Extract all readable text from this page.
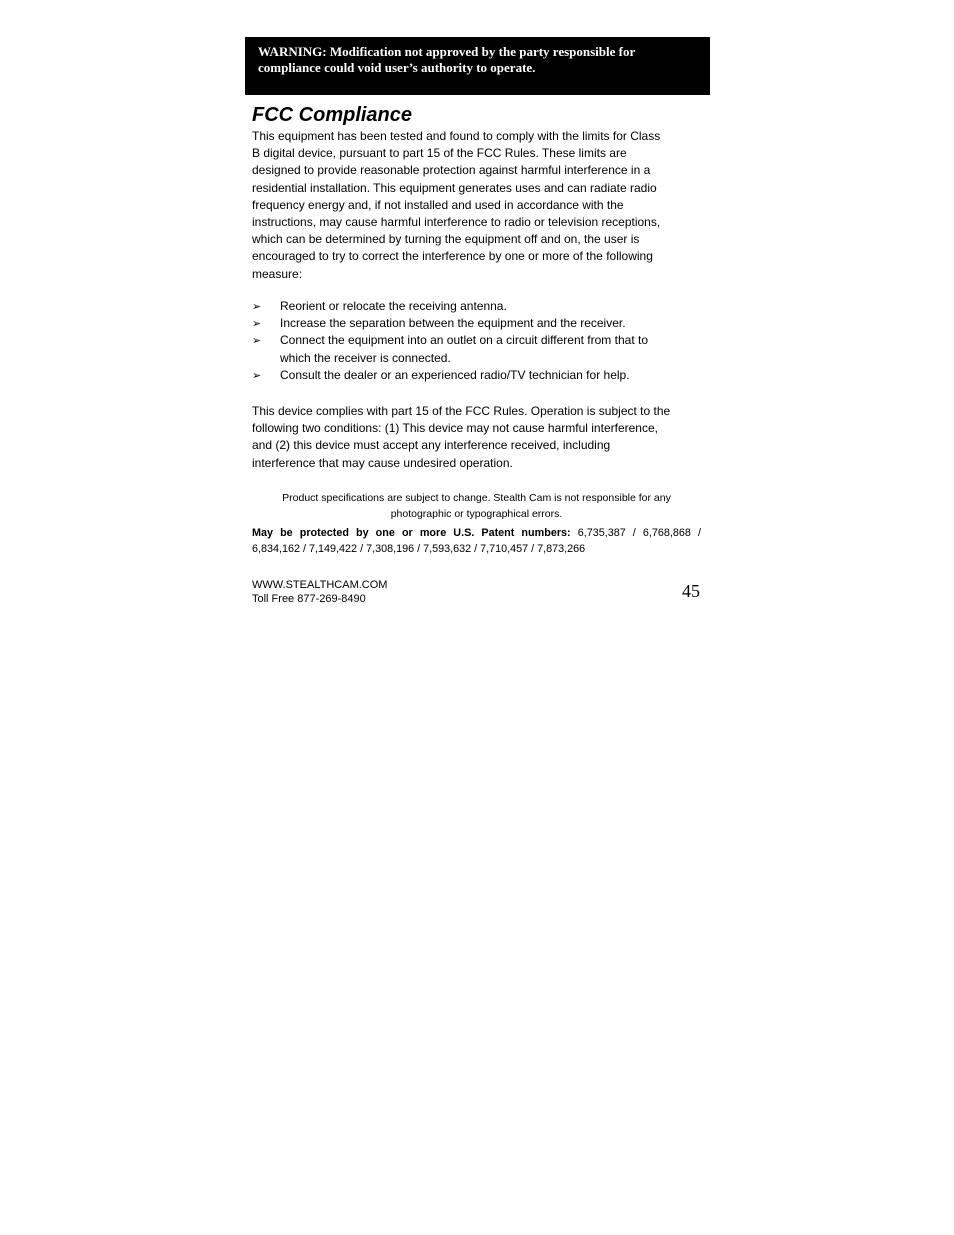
WARNING: Modification not approved by the party responsible for
compliance could void user’s authority to operate.
FCC Compliance
This equipment has been tested and found to comply with the limits for Class
B digital device, pursuant to part 15 of the FCC Rules. These limits are
designed to provide reasonable protection against harmful interference in a
residential installation. This equipment generates uses and can radiate radio
frequency energy and, if not installed and used in accordance with the
instructions, may cause harmful interference to radio or television receptions,
which can be determined by turning the equipment off and on, the user is
encouraged to try to correct the interference by one or more of the following
measure:
➢ Reorient or relocate the receiving antenna.
➢ Increase the separation between the equipment and the receiver.
➢ Connect the equipment into an outlet on a circuit different from that to
which the receiver is connected.
➢ Consult the dealer or an experienced radio/TV technician for help.
This device complies with part 15 of the FCC Rules. Operation is subject to the
following two conditions: (1) This device may not cause harmful interference,
and (2) this device must accept any interference received, including
interference that may cause undesired operation.
Product specifications are subject to change. Stealth Cam is not responsible for any
photographic or typographical errors.
May be protected by one or more U.S. Patent numbers: 6,735,387 / 6,768,868 /
6,834,162 / 7,149,422 / 7,308,196 / 7,593,632 / 7,710,457 / 7,873,266
WWW.STEALTHCAM.COM
Toll Free 877-269-8490	45
